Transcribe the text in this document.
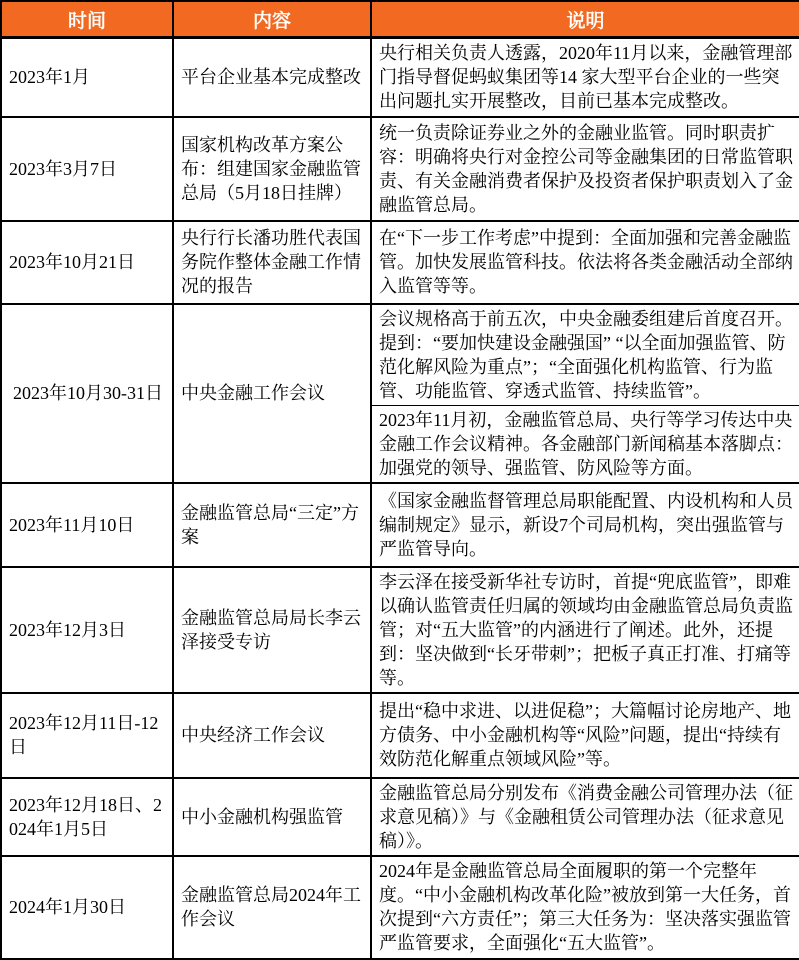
时间	内容	说明
2023年1月	平台企业基本完成整改	央行相关负责人透露，2020年11月以来，金融管理部门指导督促蚂蚁集团等14 家大型平台企业的一些突出问题扎实开展整改，目前已基本完成整改。
2023年3月7日	国家机构改革方案公布：组建国家金融监管总局（5月18日挂牌）	统一负责除证券业之外的金融业监管。同时职责扩容：明确将央行对金控公司等金融集团的日常监管职责、有关金融消费者保护及投资者保护职责划入了金融监管总局。
2023年10月21日	央行行长潘功胜代表国务院作整体金融工作情况的报告	在“下一步工作考虑”中提到：全面加强和完善金融监管。加快发展监管科技。依法将各类金融活动全部纳入监管等等。
2023年10月30-31日	中央金融工作会议	会议规格高于前五次，中央金融委组建后首度召开。提到：“要加快建设金融强国” “以全面加强监管、防范化解风险为重点”；“全面强化机构监管、行为监管、功能监管、穿透式监管、持续监管”。
		2023年11月初，金融监管总局、央行等学习传达中央金融工作会议精神。各金融部门新闻稿基本落脚点：加强党的领导、强监管、防风险等方面。
2023年11月10日	金融监管总局“三定”方案	《国家金融监督管理总局职能配置、内设机构和人员编制规定》显示，新设7个司局机构，突出强监管与严监管导向。
2023年12月3日	金融监管总局局长李云泽接受专访	李云泽在接受新华社专访时，首提“兜底监管”，即难以确认监管责任归属的领域均由金融监管总局负责监管；对“五大监管”的内涵进行了阐述。此外，还提到：坚决做到“长牙带刺”；把板子真正打准、打痛等等。
2023年12月11日-12日	中央经济工作会议	提出“稳中求进、以进促稳”；大篇幅讨论房地产、地方债务、中小金融机构等“风险”问题，提出“持续有效防范化解重点领域风险”等。
2023年12月18日、2024年1月5日	中小金融机构强监管	金融监管总局分别发布《消费金融公司管理办法（征求意见稿）》与《金融租赁公司管理办法（征求意见稿）》。
2024年1月30日	金融监管总局2024年工作会议	2024年是金融监管总局全面履职的第一个完整年度。“中小金融机构改革化险”被放到第一大任务，首次提到“六方责任”；第三大任务为：坚决落实强监管严监管要求，全面强化“五大监管”。
